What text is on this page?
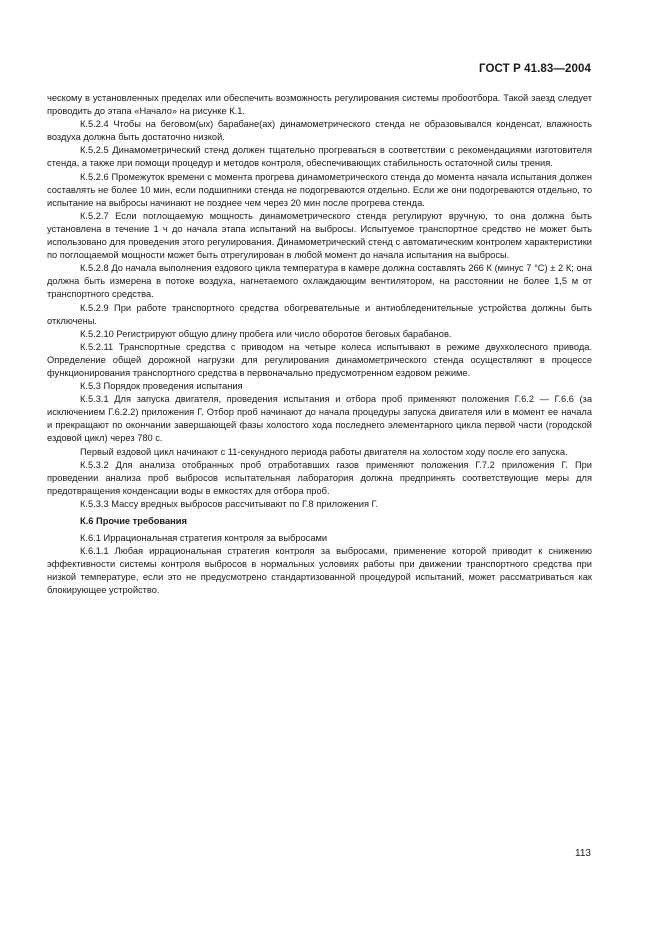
ГОСТ Р 41.83—2004

ческому в установленных пределах или обеспечить возможность регулирования системы пробоотбора. Такой заезд следует проводить до этапа «Начало» на рисунке К.1.

К.5.2.4 Чтобы на беговом(ых) барабане(ах) динамометрического стенда не образовывался конденсат, влажность воздуха должна быть достаточно низкой.

К.5.2.5 Динамометрический стенд должен тщательно прогреваться в соответствии с рекомендациями изготовителя стенда, а также при помощи процедур и методов контроля, обеспечивающих стабильность остаточной силы трения.

К.5.2.6 Промежуток времени с момента прогрева динамометрического стенда до момента начала испытания должен составлять не более 10 мин, если подшипники стенда не подогреваются отдельно. Если же они подогреваются отдельно, то испытание на выбросы начинают не позднее чем через 20 мин после прогрева стенда.

К.5.2.7 Если поглощаемую мощность динамометрического стенда регулируют вручную, то она должна быть установлена в течение 1 ч до начала этапа испытаний на выбросы. Испытуемое транспортное средство не может быть использовано для проведения этого регулирования. Динамометрический стенд с автоматическим контролем характеристики по поглощаемой мощности может быть отрегулирован в любой момент до начала испытания на выбросы.

К.5.2.8 До начала выполнения ездового цикла температура в камере должна составлять 266 К (минус 7 °С) ± 2 К; она должна быть измерена в потоке воздуха, нагнетаемого охлаждающим вентилятором, на расстоянии не более 1,5 м от транспортного средства.

К.5.2.9 При работе транспортного средства обогревательные и антиобледенительные устройства должны быть отключены.

К.5.2.10 Регистрируют общую длину пробега или число оборотов беговых барабанов.

К.5.2.11 Транспортные средства с приводом на четыре колеса испытывают в режиме двухколесного привода. Определение общей дорожной нагрузки для регулирования динамометрического стенда осуществляют в процессе функционирования транспортного средства в первоначально предусмотренном ездовом режиме.

К.5.3 Порядок проведения испытания

К.5.3.1 Для запуска двигателя, проведения испытания и отбора проб применяют положения Г.6.2 — Г.6.6 (за исключением Г.6.2.2) приложения Г. Отбор проб начинают до начала процедуры запуска двигателя или в момент ее начала и прекращают по окончании завершающей фазы холостого хода последнего элементарного цикла первой части (городской ездовой цикл) через 780 с.

Первый ездовой цикл начинают с 11-секундного периода работы двигателя на холостом ходу после его запуска.

К.5.3.2 Для анализа отобранных проб отработавших газов применяют положения Г.7.2 приложения Г. При проведении анализа проб выбросов испытательная лаборатория должна предпринять соответствующие меры для предотвращения конденсации воды в емкостях для отбора проб.

К.5.3.3 Массу вредных выбросов рассчитывают по Г.8 приложения Г.

К.6 Прочие требования

К.6.1 Иррациональная стратегия контроля за выбросами

К.6.1.1 Любая иррациональная стратегия контроля за выбросами, применение которой приводит к снижению эффективности системы контроля выбросов в нормальных условиях работы при движении транспортного средства при низкой температуре, если это не предусмотрено стандартизованной процедурой испытаний, может рассматриваться как блокирующее устройство.

113
